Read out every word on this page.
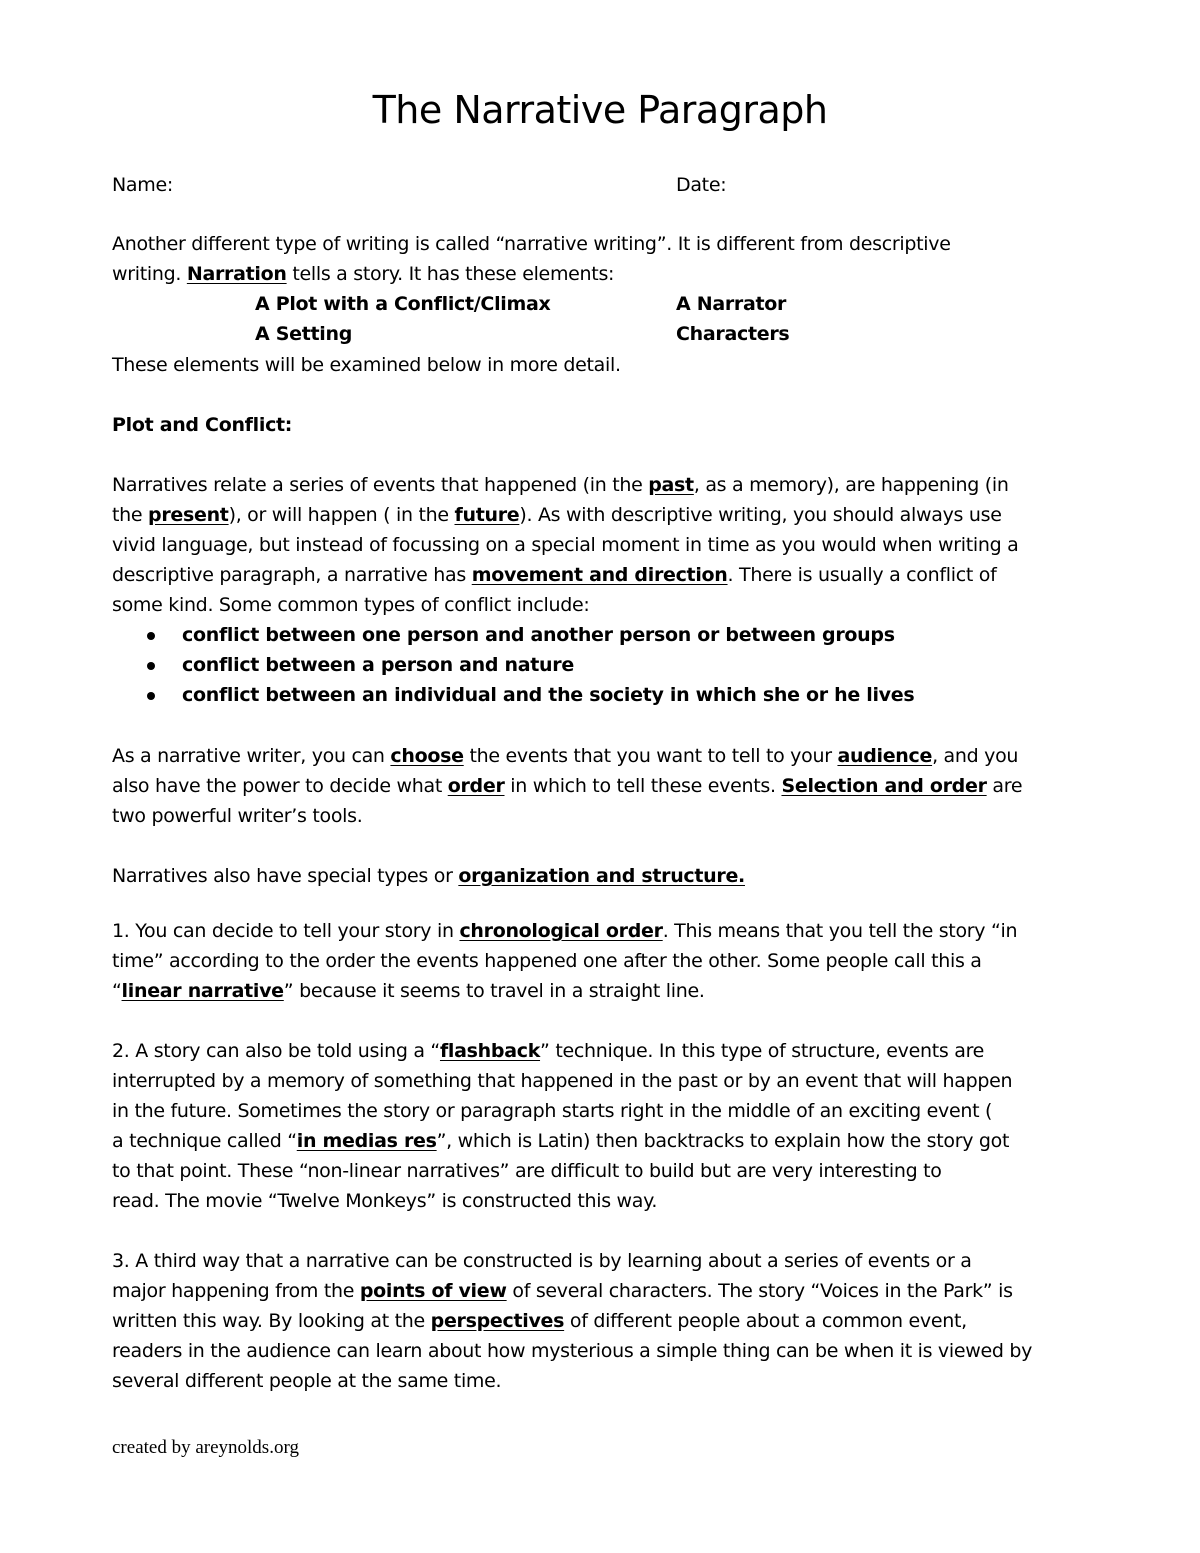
The Narrative Paragraph
Name:	Date:
Another different type of writing is called “narrative writing”. It is different from descriptive
writing. Narration tells a story. It has these elements:
A Plot with a Conflict/Climax	A Narrator
A Setting	Characters
These elements will be examined below in more detail.
Plot and Conflict:
Narratives relate a series of events that happened (in the past, as a memory), are happening (in
the present), or will happen ( in the future). As with descriptive writing, you should always use
vivid language, but instead of focussing on a special moment in time as you would when writing a
descriptive paragraph, a narrative has movement and direction. There is usually a conflict of
some kind. Some common types of conflict include:
conflict between one person and another person or between groups
conflict between a person and nature
conflict between an individual and the society in which she or he lives
As a narrative writer, you can choose the events that you want to tell to your audience, and you
also have the power to decide what order in which to tell these events. Selection and order are
two powerful writer’s tools.
Narratives also have special types or organization and structure.
1. You can decide to tell your story in chronological order. This means that you tell the story “in
time” according to the order the events happened one after the other. Some people call this a
“linear narrative” because it seems to travel in a straight line.
2. A story can also be told using a “flashback” technique. In this type of structure, events are
interrupted by a memory of something that happened in the past or by an event that will happen
in the future. Sometimes the story or paragraph starts right in the middle of an exciting event (
a technique called “in medias res”, which is Latin) then backtracks to explain how the story got
to that point. These “non-linear narratives” are difficult to build but are very interesting to
read. The movie “Twelve Monkeys” is constructed this way.
3. A third way that a narrative can be constructed is by learning about a series of events or a
major happening from the points of view of several characters. The story “Voices in the Park” is
written this way. By looking at the perspectives of different people about a common event,
readers in the audience can learn about how mysterious a simple thing can be when it is viewed by
several different people at the same time.
created by areynolds.org
